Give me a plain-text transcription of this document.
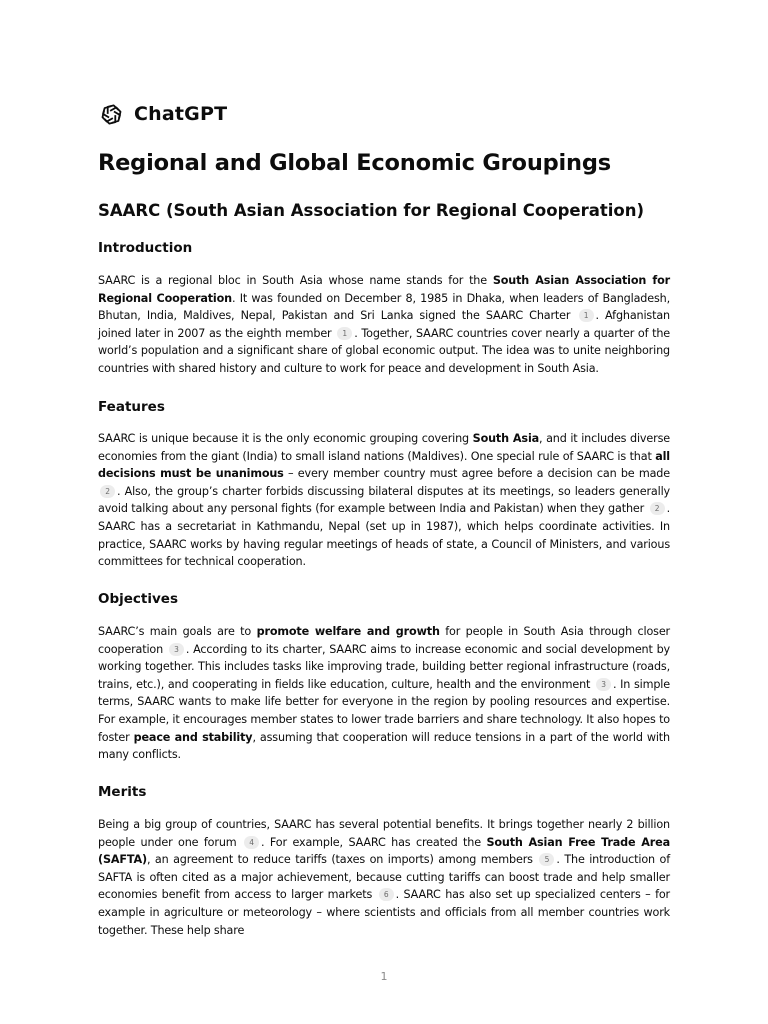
ChatGPT
Regional and Global Economic Groupings
SAARC (South Asian Association for Regional Cooperation)
Introduction

SAARC is a regional bloc in South Asia whose name stands for the South Asian Association for Regional Cooperation. It was founded on December 8, 1985 in Dhaka, when leaders of Bangladesh, Bhutan, India, Maldives, Nepal, Pakistan and Sri Lanka signed the SAARC Charter 1 . Afghanistan joined later in 2007 as the eighth member 1 . Together, SAARC countries cover nearly a quarter of the world’s population and a significant share of global economic output. The idea was to unite neighboring countries with shared history and culture to work for peace and development in South Asia.

Features

SAARC is unique because it is the only economic grouping covering South Asia, and it includes diverse economies from the giant (India) to small island nations (Maldives). One special rule of SAARC is that all decisions must be unanimous – every member country must agree before a decision can be made 2 . Also, the group’s charter forbids discussing bilateral disputes at its meetings, so leaders generally avoid talking about any personal fights (for example between India and Pakistan) when they gather 2 . SAARC has a secretariat in Kathmandu, Nepal (set up in 1987), which helps coordinate activities. In practice, SAARC works by having regular meetings of heads of state, a Council of Ministers, and various committees for technical cooperation.

Objectives

SAARC’s main goals are to promote welfare and growth for people in South Asia through closer cooperation 3 . According to its charter, SAARC aims to increase economic and social development by working together. This includes tasks like improving trade, building better regional infrastructure (roads, trains, etc.), and cooperating in fields like education, culture, health and the environment 3 . In simple terms, SAARC wants to make life better for everyone in the region by pooling resources and expertise. For example, it encourages member states to lower trade barriers and share technology. It also hopes to foster peace and stability, assuming that cooperation will reduce tensions in a part of the world with many conflicts.

Merits

Being a big group of countries, SAARC has several potential benefits. It brings together nearly 2 billion people under one forum 4 . For example, SAARC has created the South Asian Free Trade Area (SAFTA), an agreement to reduce tariffs (taxes on imports) among members 5 . The introduction of SAFTA is often cited as a major achievement, because cutting tariffs can boost trade and help smaller economies benefit from access to larger markets 6 . SAARC has also set up specialized centers – for example in agriculture or meteorology – where scientists and officials from all member countries work together. These help share

1
